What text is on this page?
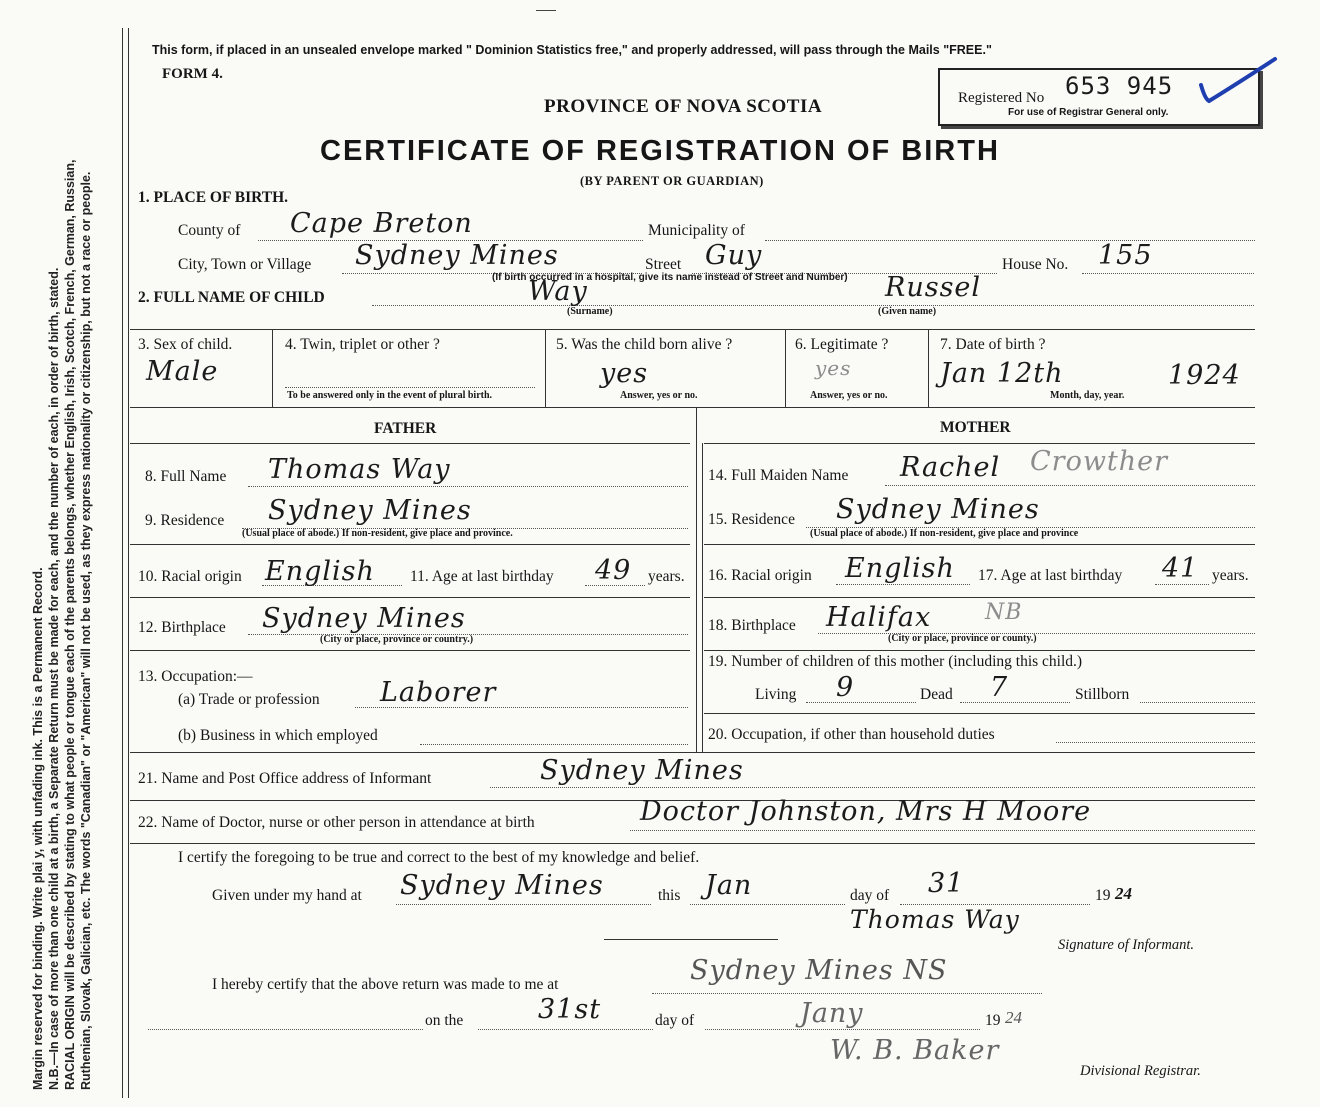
Margin reserved for binding. Write plai y, with unfading ink. This is a Permanent Record. N.B.—In case of more than one child at a birth, a Separate Return must be made for each, and the number of each, in order of birth, stated. RACIAL ORIGIN will be described by stating to what people or tongue each of the parents belongs, whether English, Irish, Scotch, French, German, Russian, Ruthenian, Slovak, Galician, etc. The words "Canadian" or "American" will not be used, as they express nationality or citizenship, but not a race or people.
This form, if placed in an unsealed envelope marked " Dominion Statistics free," and properly addressed, will pass through the Mails "FREE."
FORM 4.
PROVINCE OF NOVA SCOTIA
CERTIFICATE OF REGISTRATION OF BIRTH
(BY PARENT OR GUARDIAN)
Registered No 653 945
For use of Registrar General only.
1. PLACE OF BIRTH.
County of Cape Breton	Municipality of
City, Town or Village Sydney Mines	Street Guy	House No. 155
(If birth occurred in a hospital, give its name instead of Street and Number)
2. FULL NAME OF CHILD	Way
(Surname)
Russel
(Given name)
3. Sex of child.
Male
4. Twin, triplet or other ?
To be answered only in the event of plural birth.
5. Was the child born alive ?
yes
Answer, yes or no.
6. Legitimate ?
yes
Answer, yes or no.
7. Date of birth ?
Jan 12th	1924
Month, day, year.
FATHER	MOTHER
8. Full Name Thomas Way
9. Residence Sydney Mines
(Usual place of abode.) If non-resident, give place and province.
10. Racial origin English 11. Age at last birthday 49 years.
12. Birthplace Sydney Mines
(City or place, province or country.)
13. Occupation:—
(a) Trade or profession Laborer
(b) Business in which employed
14. Full Maiden Name Rachel Crowther
15. Residence Sydney Mines
(Usual place of abode.) If non-resident, give place and province
16. Racial origin English 17. Age at last birthday 41 years.
18. Birthplace Halifax NB
(City or place, province or county.)
19. Number of children of this mother (including this child.)
Living 9	Dead 7	Stillborn
20. Occupation, if other than household duties
21. Name and Post Office address of Informant	Sydney Mines
22. Name of Doctor, nurse or other person in attendance at birth	Doctor Johnston, Mrs H Moore
I certify the foregoing to be true and correct to the best of my knowledge and belief.
Given under my hand at Sydney Mines	this Jan	day of 31	19 24
Thomas Way
Signature of Informant.
I hereby certify that the above return was made to me at	Sydney Mines NS
on the	31st	day of	Jany	19 24
W. B. Baker
Divisional Registrar.
